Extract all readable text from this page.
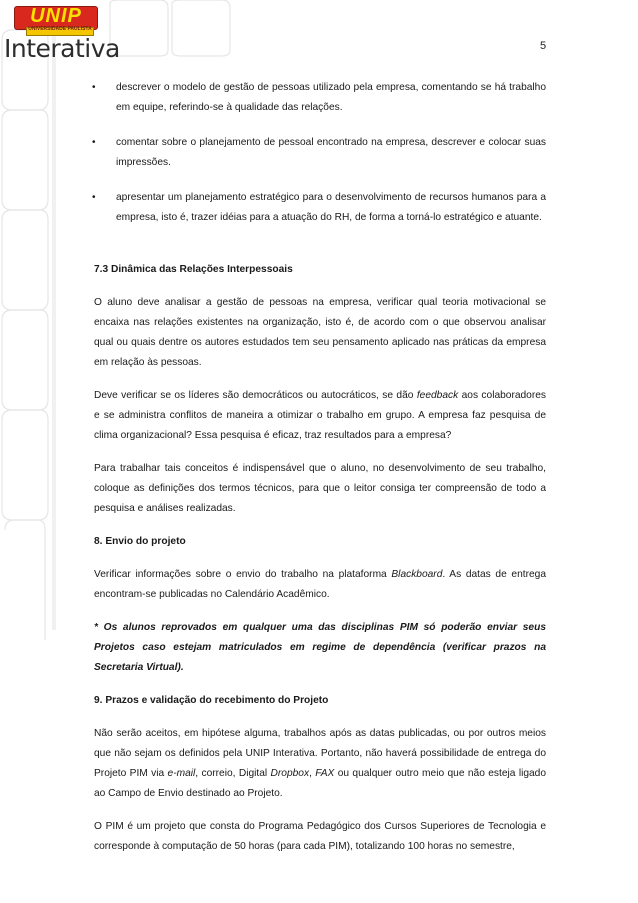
UNIP
UNIVERSIDADE PAULISTA
Interativa	5
• descrever o modelo de gestão de pessoas utilizado pela empresa, comentando se há trabalho em equipe, referindo-se à qualidade das relações.
• comentar sobre o planejamento de pessoal encontrado na empresa, descrever e colocar suas impressões.
• apresentar um planejamento estratégico para o desenvolvimento de recursos humanos para a empresa, isto é, trazer idéias para a atuação do RH, de forma a torná-lo estratégico e atuante.

7.3 Dinâmica das Relações Interpessoais

O aluno deve analisar a gestão de pessoas na empresa, verificar qual teoria motivacional se encaixa nas relações existentes na organização, isto é, de acordo com o que observou analisar qual ou quais dentre os autores estudados tem seu pensamento aplicado nas práticas da empresa em relação às pessoas.

Deve verificar se os líderes são democráticos ou autocráticos, se dão feedback aos colaboradores e se administra conflitos de maneira a otimizar o trabalho em grupo. A empresa faz pesquisa de clima organizacional? Essa pesquisa é eficaz, traz resultados para a empresa?

Para trabalhar tais conceitos é indispensável que o aluno, no desenvolvimento de seu trabalho, coloque as definições dos termos técnicos, para que o leitor consiga ter compreensão de todo a pesquisa e análises realizadas.

8. Envio do projeto

Verificar informações sobre o envio do trabalho na plataforma Blackboard. As datas de entrega encontram-se publicadas no Calendário Acadêmico.

* Os alunos reprovados em qualquer uma das disciplinas PIM só poderão enviar seus Projetos caso estejam matriculados em regime de dependência (verificar prazos na Secretaria Virtual).

9. Prazos e validação do recebimento do Projeto

Não serão aceitos, em hipótese alguma, trabalhos após as datas publicadas, ou por outros meios que não sejam os definidos pela UNIP Interativa. Portanto, não haverá possibilidade de entrega do Projeto PIM via e-mail, correio, Digital Dropbox, FAX ou qualquer outro meio que não esteja ligado ao Campo de Envio destinado ao Projeto.

O PIM é um projeto que consta do Programa Pedagógico dos Cursos Superiores de Tecnologia e corresponde à computação de 50 horas (para cada PIM), totalizando 100 horas no semestre,
